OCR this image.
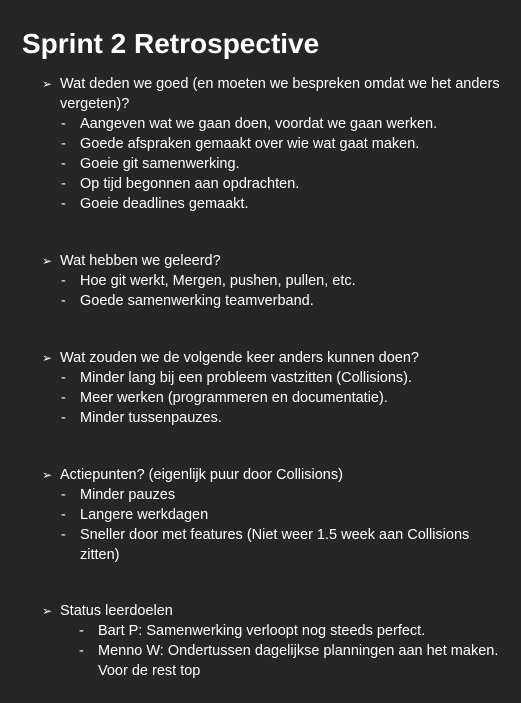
Sprint 2 Retrospective
➢ Wat deden we goed (en moeten we bespreken omdat we het anders vergeten)?
- Aangeven wat we gaan doen, voordat we gaan werken.
- Goede afspraken gemaakt over wie wat gaat maken.
- Goeie git samenwerking.
- Op tijd begonnen aan opdrachten.
- Goeie deadlines gemaakt.
➢ Wat hebben we geleerd?
- Hoe git werkt, Mergen, pushen, pullen, etc.
- Goede samenwerking teamverband.
➢ Wat zouden we de volgende keer anders kunnen doen?
- Minder lang bij een probleem vastzitten (Collisions).
- Meer werken (programmeren en documentatie).
- Minder tussenpauzes.
➢ Actiepunten? (eigenlijk puur door Collisions)
- Minder pauzes
- Langere werkdagen
- Sneller door met features (Niet weer 1.5 week aan Collisions zitten)
➢ Status leerdoelen
- Bart P: Samenwerking verloopt nog steeds perfect.
- Menno W: Ondertussen dagelijkse planningen aan het maken. Voor de rest top
